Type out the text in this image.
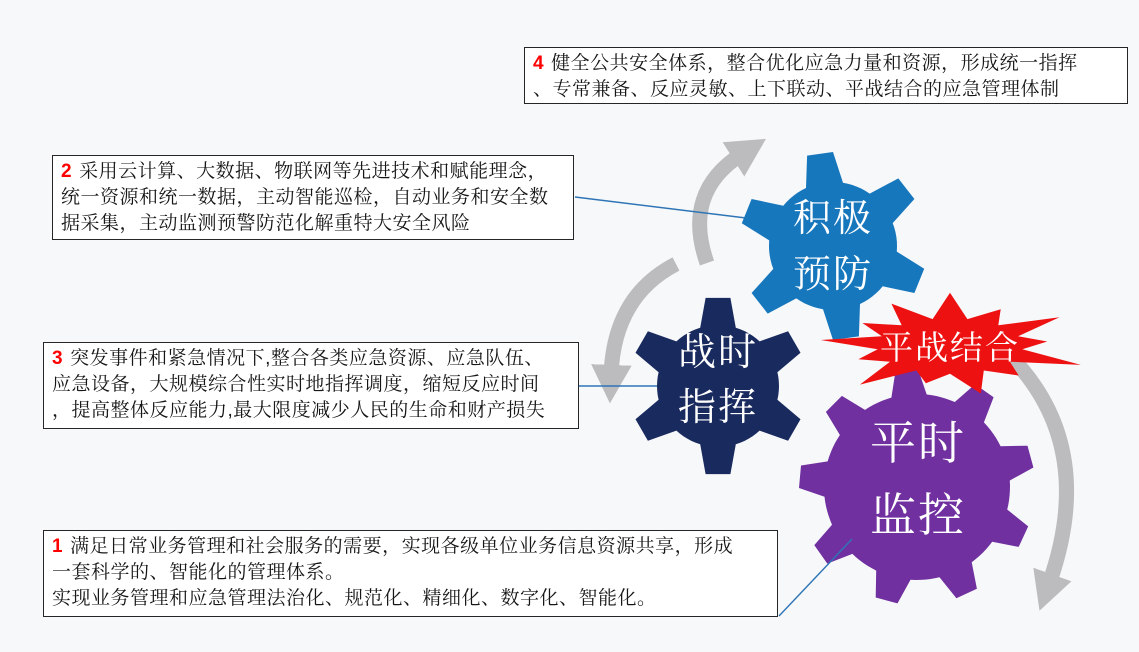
积极
预防
战时
指挥
平时
监控
平战结合
4 健全公共安全体系，整合优化应急力量和资源，形成统一指挥
、专常兼备、反应灵敏、上下联动、平战结合的应急管理体制
2 采用云计算、大数据、物联网等先进技术和赋能理念，
统一资源和统一数据，主动智能巡检，自动业务和安全数
据采集，主动监测预警防范化解重特大安全风险
3 突发事件和紧急情况下,整合各类应急资源、应急队伍、
应急设备，大规模综合性实时地指挥调度，缩短反应时间
，提高整体反应能力,最大限度减少人民的生命和财产损失
1 满足日常业务管理和社会服务的需要，实现各级单位业务信息资源共享，形成
一套科学的、智能化的管理体系。
实现业务管理和应急管理法治化、规范化、精细化、数字化、智能化。
